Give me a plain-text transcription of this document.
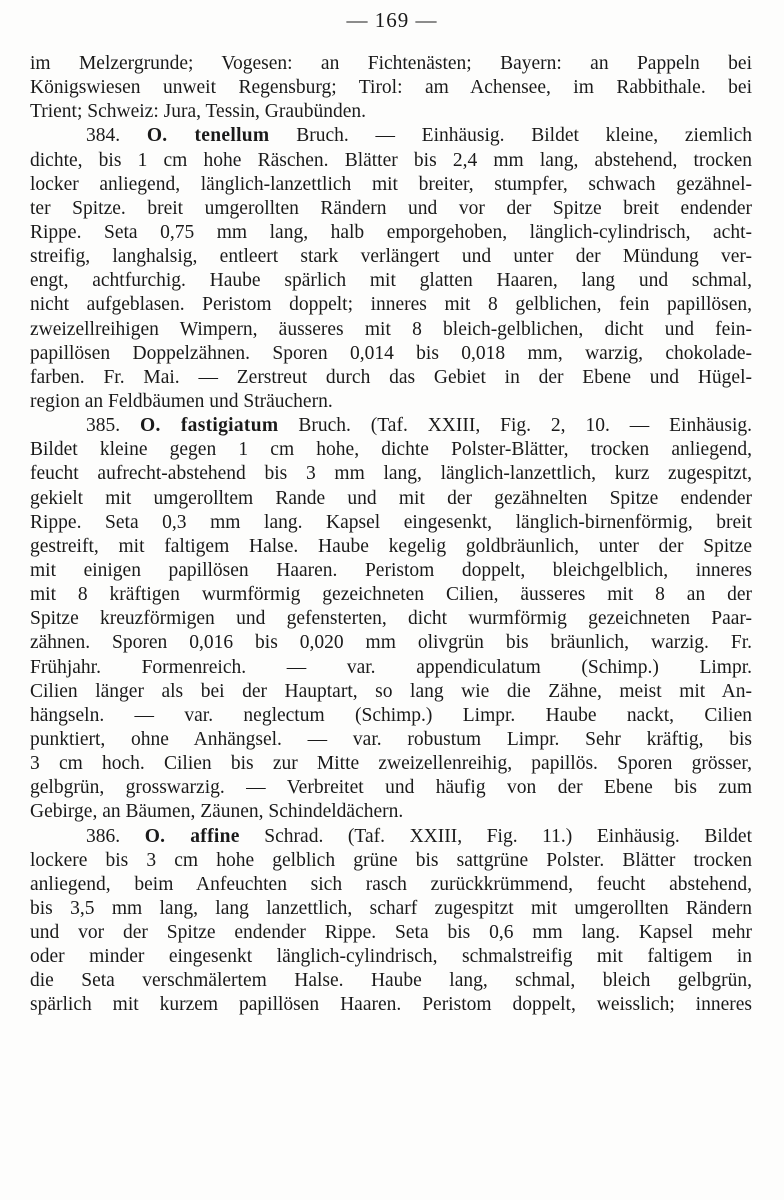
— 169 —
im Melzergrunde; Vogesen: an Fichtenästen; Bayern: an Pappeln bei
Königswiesen unweit Regensburg; Tirol: am Achensee, im Rabbithale. bei
Trient; Schweiz: Jura, Tessin, Graubünden.
384. O. tenellum Bruch. — Einhäusig. Bildet kleine, ziemlich
dichte, bis 1 cm hohe Räschen. Blätter bis 2,4 mm lang, abstehend, trocken
locker anliegend, länglich-lanzettlich mit breiter, stumpfer, schwach gezähnel-
ter Spitze. breit umgerollten Rändern und vor der Spitze breit endender
Rippe. Seta 0,75 mm lang, halb emporgehoben, länglich-cylindrisch, acht-
streifig, langhalsig, entleert stark verlängert und unter der Mündung ver-
engt, achtfurchig. Haube spärlich mit glatten Haaren, lang und schmal,
nicht aufgeblasen. Peristom doppelt; inneres mit 8 gelblichen, fein papillösen,
zweizellreihigen Wimpern, äusseres mit 8 bleich-gelblichen, dicht und fein-
papillösen Doppelzähnen. Sporen 0,014 bis 0,018 mm, warzig, chokolade-
farben. Fr. Mai. — Zerstreut durch das Gebiet in der Ebene und Hügel-
region an Feldbäumen und Sträuchern.
385. O. fastigiatum Bruch. (Taf. XXIII, Fig. 2, 10. — Einhäusig.
Bildet kleine gegen 1 cm hohe, dichte Polster-Blätter, trocken anliegend,
feucht aufrecht-abstehend bis 3 mm lang, länglich-lanzettlich, kurz zugespitzt,
gekielt mit umgerolltem Rande und mit der gezähnelten Spitze endender
Rippe. Seta 0,3 mm lang. Kapsel eingesenkt, länglich-birnenförmig, breit
gestreift, mit faltigem Halse. Haube kegelig goldbräunlich, unter der Spitze
mit einigen papillösen Haaren. Peristom doppelt, bleichgelblich, inneres
mit 8 kräftigen wurmförmig gezeichneten Cilien, äusseres mit 8 an der
Spitze kreuzförmigen und gefensterten, dicht wurmförmig gezeichneten Paar-
zähnen. Sporen 0,016 bis 0,020 mm olivgrün bis bräunlich, warzig. Fr.
Frühjahr. Formenreich. — var. appendiculatum (Schimp.) Limpr.
Cilien länger als bei der Hauptart, so lang wie die Zähne, meist mit An-
hängseln. — var. neglectum (Schimp.) Limpr. Haube nackt, Cilien
punktiert, ohne Anhängsel. — var. robustum Limpr. Sehr kräftig, bis
3 cm hoch. Cilien bis zur Mitte zweizellenreihig, papillös. Sporen grösser,
gelbgrün, grosswarzig. — Verbreitet und häufig von der Ebene bis zum
Gebirge, an Bäumen, Zäunen, Schindeldächern.
386. O. affine Schrad. (Taf. XXIII, Fig. 11.) Einhäusig. Bildet
lockere bis 3 cm hohe gelblich grüne bis sattgrüne Polster. Blätter trocken
anliegend, beim Anfeuchten sich rasch zurückkrümmend, feucht abstehend,
bis 3,5 mm lang, lang lanzettlich, scharf zugespitzt mit umgerollten Rändern
und vor der Spitze endender Rippe. Seta bis 0,6 mm lang. Kapsel mehr
oder minder eingesenkt länglich-cylindrisch, schmalstreifig mit faltigem in
die Seta verschmälertem Halse. Haube lang, schmal, bleich gelbgrün,
spärlich mit kurzem papillösen Haaren. Peristom doppelt, weisslich; inneres
